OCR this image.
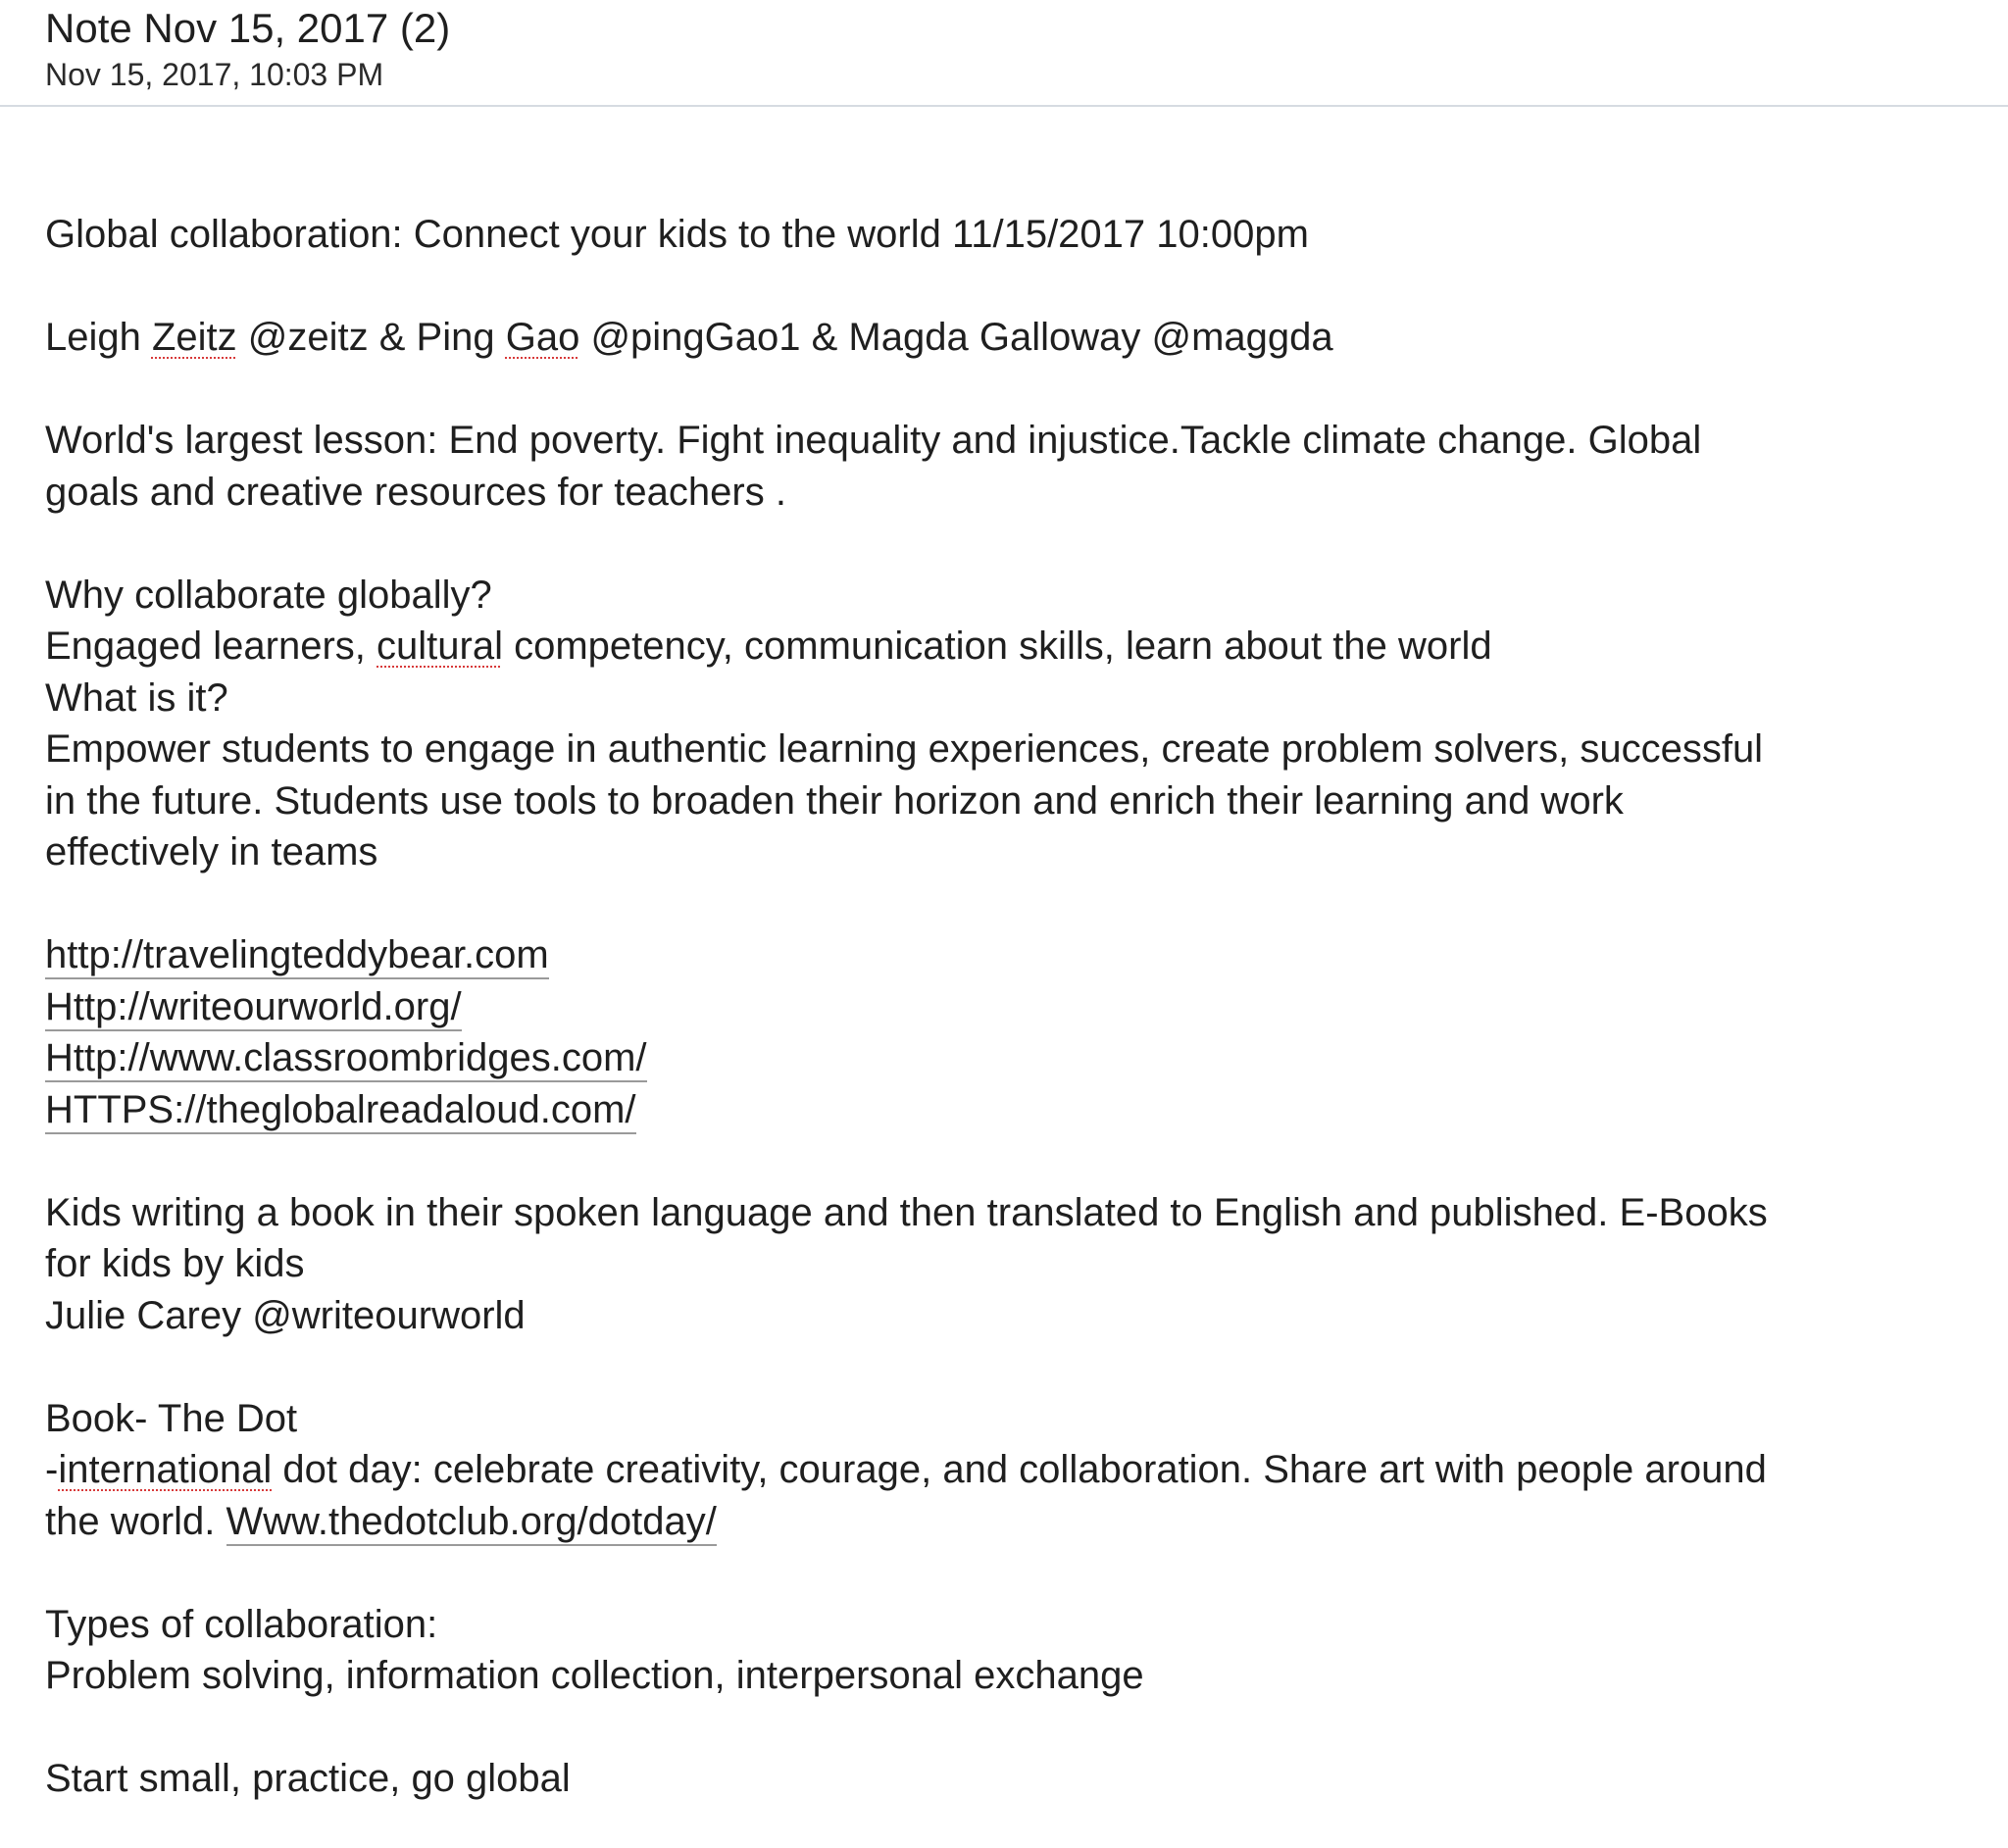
Note Nov 15, 2017 (2)
Nov 15, 2017, 10:03 PM
Global collaboration: Connect your kids to the world 11/15/2017 10:00pm
Leigh Zeitz @zeitz & Ping Gao @pingGao1 & Magda Galloway @maggda
World's largest lesson: End poverty. Fight inequality and injustice.Tackle climate change. Global
goals and creative resources for teachers .
Why collaborate globally?
Engaged learners, cultural competency, communication skills, learn about the world
What is it?
Empower students to engage in authentic learning experiences, create problem solvers, successful
in the future. Students use tools to broaden their horizon and enrich their learning and work
effectively in teams
http://travelingteddybear.com
Http://writeourworld.org/
Http://www.classroombridges.com/
HTTPS://theglobalreadaloud.com/
Kids writing a book in their spoken language and then translated to English and published. E-Books
for kids by kids
Julie Carey @writeourworld
Book- The Dot
-international dot day: celebrate creativity, courage, and collaboration. Share art with people around
the world. Www.thedotclub.org/dotday/
Types of collaboration:
Problem solving, information collection, interpersonal exchange
Start small, practice, go global
